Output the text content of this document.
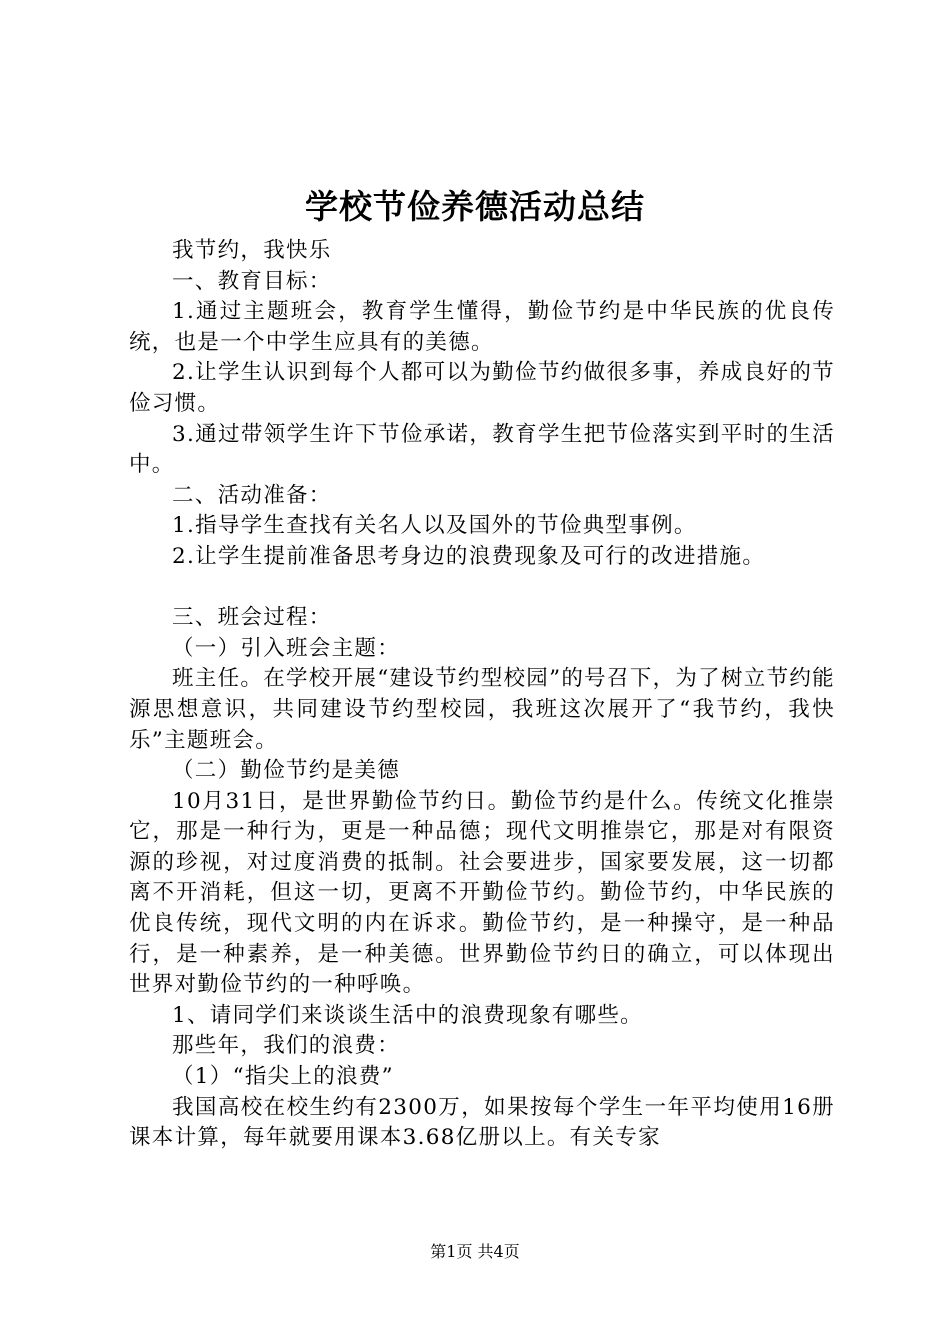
学校节俭养德活动总结

我节约，我快乐

一、教育目标：

1.通过主题班会，教育学生懂得，勤俭节约是中华民族的优良传统，也是一个中学生应具有的美德。

2.让学生认识到每个人都可以为勤俭节约做很多事，养成良好的节俭习惯。

3.通过带领学生许下节俭承诺，教育学生把节俭落实到平时的生活中。

二、活动准备：

1.指导学生查找有关名人以及国外的节俭典型事例。

2.让学生提前准备思考身边的浪费现象及可行的改进措施。

三、班会过程：

（一）引入班会主题：

班主任。在学校开展“建设节约型校园”的号召下，为了树立节约能源思想意识，共同建设节约型校园，我班这次展开了“我节约，我快乐”主题班会。

（二）勤俭节约是美德

10月31日，是世界勤俭节约日。勤俭节约是什么。传统文化推崇它，那是一种行为，更是一种品德；现代文明推崇它，那是对有限资源的珍视，对过度消费的抵制。社会要进步，国家要发展，这一切都离不开消耗，但这一切，更离不开勤俭节约。勤俭节约，中华民族的优良传统，现代文明的内在诉求。勤俭节约，是一种操守，是一种品行，是一种素养，是一种美德。世界勤俭节约日的确立，可以体现出世界对勤俭节约的一种呼唤。

1、请同学们来谈谈生活中的浪费现象有哪些。

那些年，我们的浪费：

（1）“指尖上的浪费”

我国高校在校生约有2300万，如果按每个学生一年平均使用16册课本计算，每年就要用课本3.68亿册以上。有关专家

第1页 共4页
